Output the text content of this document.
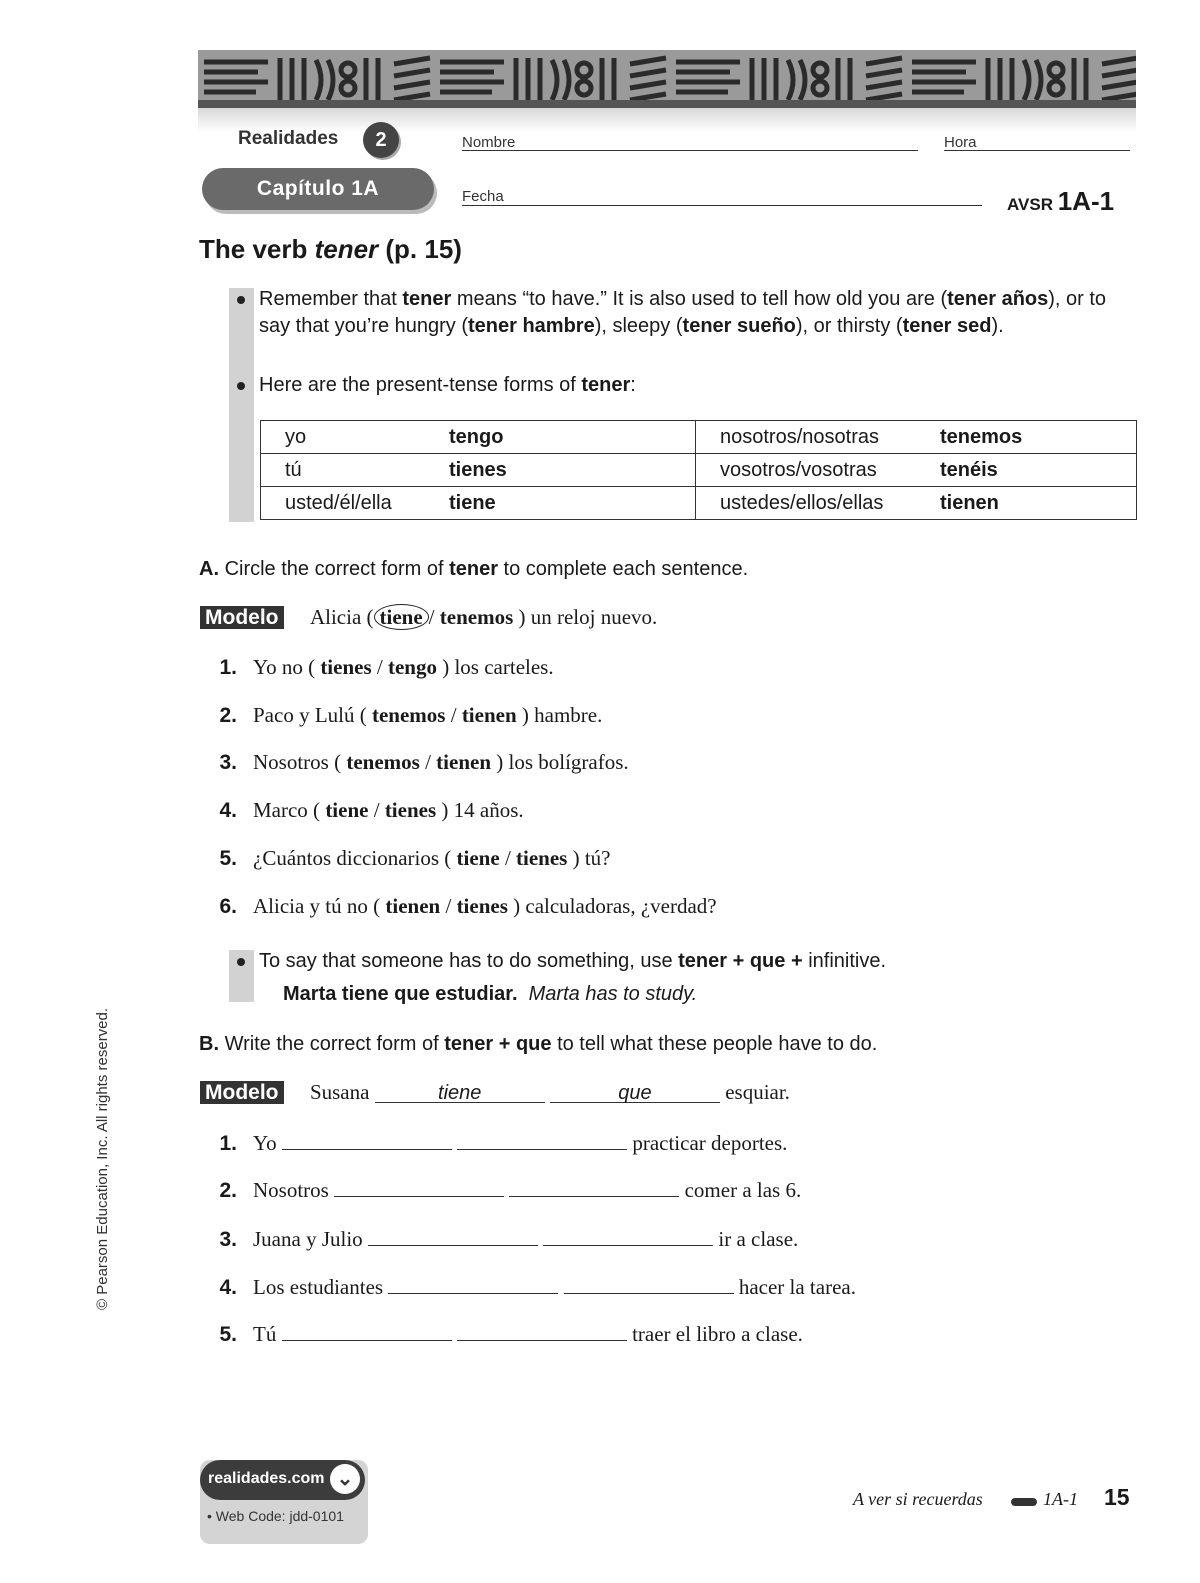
Realidades	2
Capítulo 1A
Nombre	Hora
Fecha	AVSR 1A-1
The verb tener (p. 15)
Remember that tener means “to have.” It is also used to tell how old you are (tener años), or to say that you’re hungry (tener hambre), sleepy (tener sueño), or thirsty (tener sed).
Here are the present-tense forms of tener:
yo	tengo	nosotros/nosotras	tenemos
tú	tienes	vosotros/vosotras	tenéis
usted/él/ella	tiene	ustedes/ellos/ellas	tienen
A. Circle the correct form of tener to complete each sentence.
Modelo Alicia ( tiene / tenemos ) un reloj nuevo.
1. Yo no ( tienes / tengo ) los carteles.
2. Paco y Lulú ( tenemos / tienen ) hambre.
3. Nosotros ( tenemos / tienen ) los bolígrafos.
4. Marco ( tiene / tienes ) 14 años.
5. ¿Cuántos diccionarios ( tiene / tienes ) tú?
6. Alicia y tú no ( tienen / tienes ) calculadoras, ¿verdad?
To say that someone has to do something, use tener + que + infinitive.
Marta tiene que estudiar. Marta has to study.
B. Write the correct form of tener + que to tell what these people have to do.
Modelo Susana	tiene	que	esquiar.
1. Yo	practicar deportes.
2. Nosotros	comer a las 6.
3. Juana y Julio	ir a clase.
4. Los estudiantes	hacer la tarea.
5. Tú	traer el libro a clase.
© Pearson Education, Inc. All rights reserved.
realidades.com ⌄
• Web Code: jdd-0101
A ver si recuerdas	1A-1 15
